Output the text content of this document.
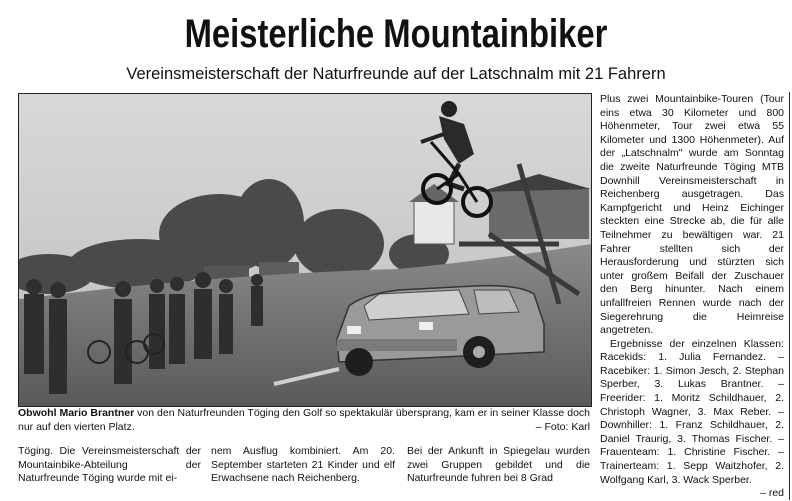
Meisterliche Mountainbiker
Vereinsmeisterschaft der Naturfreunde auf der Latschnalm mit 21 Fahrern
Obwohl Mario Brantner von den Naturfreunden Töging den Golf so spektakulär übersprang, kam er in seiner Klasse doch nur auf den vierten Platz.	– Foto: Karl

Plus zwei Mountainbike-Touren (Tour eins etwa 30 Kilometer und 800 Höhenmeter, Tour zwei etwa 55 Kilometer und 1300 Höhenmeter). Auf der „Latschnalm" wurde am Sonntag die zweite Naturfreunde Töging MTB Downhill Vereinsmeisterschaft in Reichenberg ausgetragen. Das Kampfgericht und Heinz Eichinger steckten eine Strecke ab, die für alle Teilnehmer zu bewältigen war. 21 Fahrer stellten sich der Herausforderung und stürzten sich unter großem Beifall der Zuschauer den Berg hinunter. Nach einem unfallfreien Rennen wurde nach der Siegerehrung die Heimreise angetreten.

Ergebnisse der einzelnen Klassen: Racekids: 1. Julia Fernandez. – Racebiker: 1. Simon Jesch, 2. Stephan Sperber, 3. Lukas Brantner. – Freerider: 1. Moritz Schildhauer, 2. Christoph Wagner, 3. Max Reber. – Downhiller: 1. Franz Schildhauer, 2. Daniel Traurig, 3. Thomas Fischer. – Frauenteam: 1. Christine Fischer. – Trainerteam: 1. Sepp Waitzhofer, 2. Wolfgang Karl, 3. Wack Sperber.
– red

Töging. Die Vereinsmeisterschaft der Mountainbike-Abteilung der Naturfreunde Töging wurde mit ei-

nem Ausflug kombiniert. Am 20. September starteten 21 Kinder und elf Erwachsene nach Reichenberg.

Bei der Ankunft in Spiegelau wurden zwei Gruppen gebildet und die Naturfreunde fuhren bei 8 Grad
